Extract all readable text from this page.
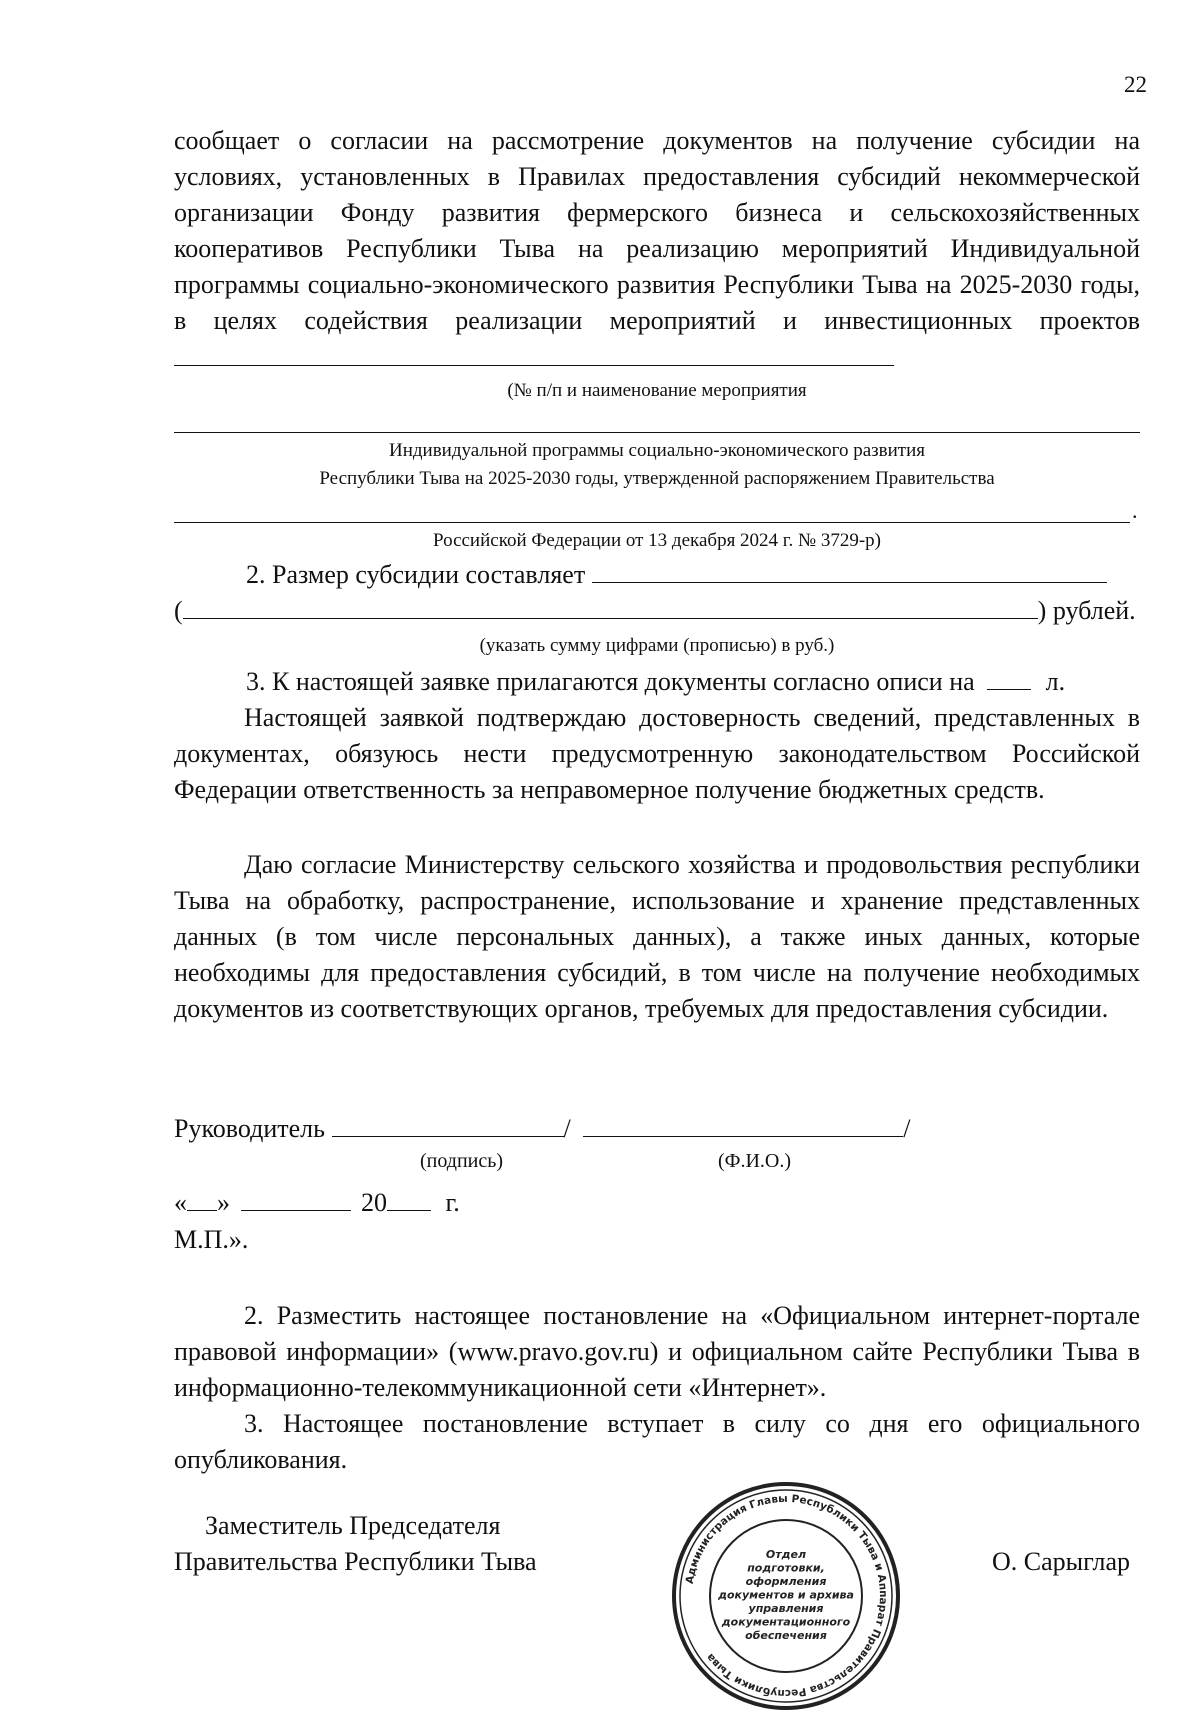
22

сообщает о согласии на рассмотрение документов на получение субсидии на условиях, установленных в Правилах предоставления субсидий некоммерческой организации Фонду развития фермерского бизнеса и сельскохозяйственных кооперативов Республики Тыва на реализацию мероприятий Индивидуальной программы социально-экономического развития Республики Тыва на 2025-2030 годы, в целях содействия реализации мероприятий и инвестиционных проектов

(№ п/п и наименование мероприятия
Индивидуальной программы социально-экономического развития
Республики Тыва на 2025-2030 годы, утвержденной распоряжением Правительства
.
Российской Федерации от 13 декабря 2024 г. № 3729-р)
2. Размер субсидии составляет
(	) рублей.
(указать сумму цифрами (прописью) в руб.)
3. К настоящей заявке прилагаются документы согласно описи на	л.
Настоящей заявкой подтверждаю достоверность сведений, представленных в документах, обязуюсь нести предусмотренную законодательством Российской Федерации ответственность за неправомерное получение бюджетных средств.
Даю согласие Министерству сельского хозяйства и продовольствия республики Тыва на обработку, распространение, использование и хранение представленных данных (в том числе персональных данных), а также иных данных, которые необходимы для предоставления субсидий, в том числе на получение необходимых документов из соответствующих органов, требуемых для предоставления субсидии.
Руководитель	/	/
(подпись)	(Ф.И.О.)
« »	20 г.
М.П.».
2. Разместить настоящее постановление на «Официальном интернет-портале правовой информации» (www.pravo.gov.ru) и официальном сайте Республики Тыва в информационно-телекоммуникационной сети «Интернет».
3. Настоящее постановление вступает в силу со дня его официального опубликования.
Заместитель Председателя
Правительства Республики Тыва	О. Сарыглар
Администрация Главы Республики Тыва и Аппарат Правительства Республики Тыва
Отдел
подготовки,
оформления
документов и архива
управления
документационного
обеспечения
